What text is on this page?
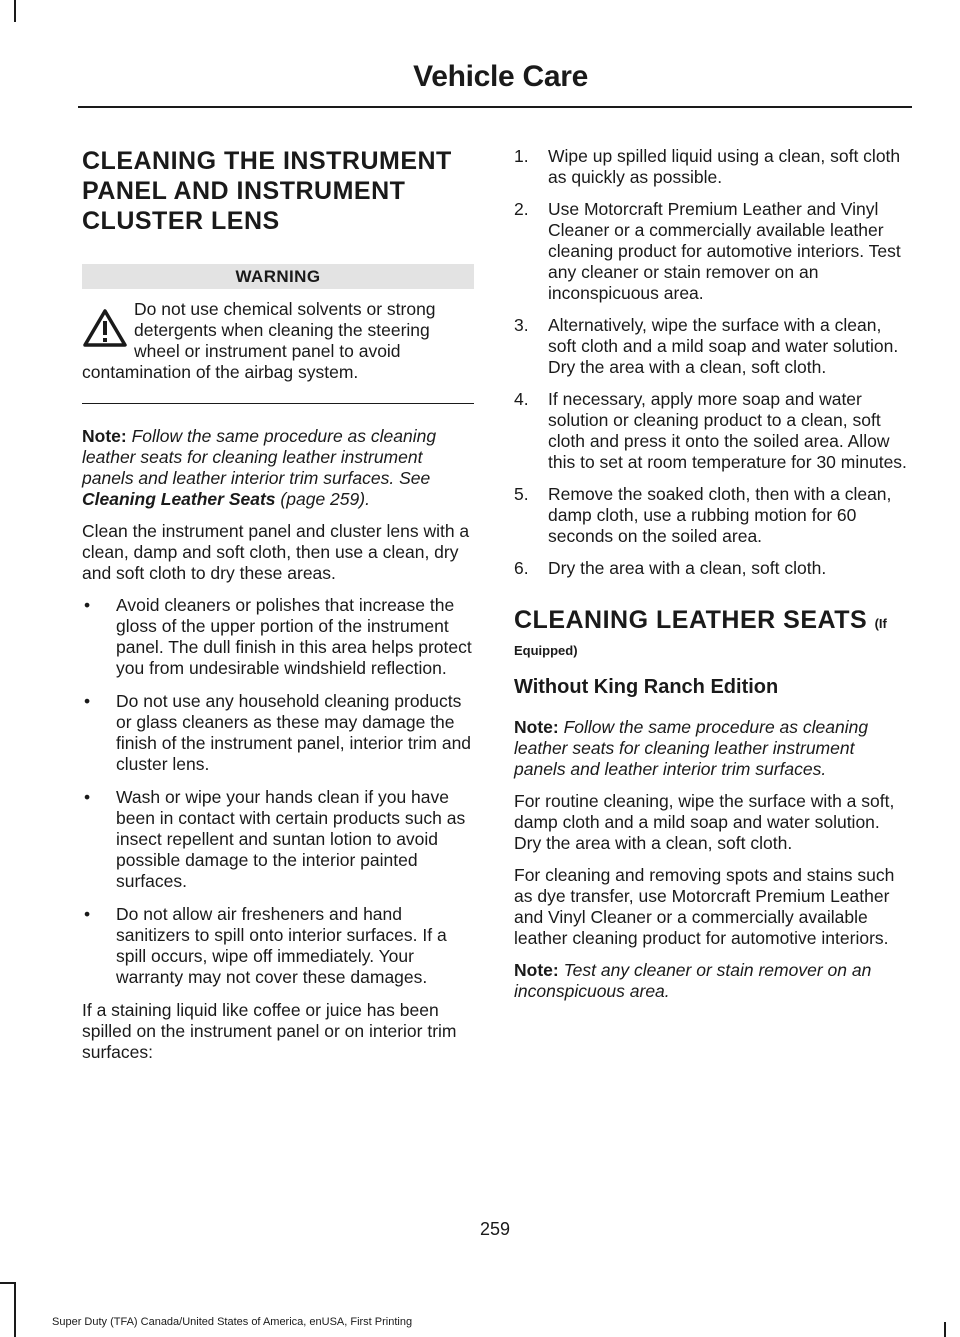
Vehicle Care
CLEANING THE INSTRUMENT
PANEL AND INSTRUMENT
CLUSTER LENS
WARNING
Do not use chemical solvents or strong detergents when cleaning the steering wheel or instrument panel to avoid contamination of the airbag system.

Note: Follow the same procedure as cleaning leather seats for cleaning leather instrument panels and leather interior trim surfaces. See Cleaning Leather Seats (page 259).

Clean the instrument panel and cluster lens with a clean, damp and soft cloth, then use a clean, dry and soft cloth to dry these areas.

• Avoid cleaners or polishes that increase the gloss of the upper portion of the instrument panel. The dull finish in this area helps protect you from undesirable windshield reflection.
• Do not use any household cleaning products or glass cleaners as these may damage the finish of the instrument panel, interior trim and cluster lens.
• Wash or wipe your hands clean if you have been in contact with certain products such as insect repellent and suntan lotion to avoid possible damage to the interior painted surfaces.
• Do not allow air fresheners and hand sanitizers to spill onto interior surfaces. If a spill occurs, wipe off immediately. Your warranty may not cover these damages.

If a staining liquid like coffee or juice has been spilled on the instrument panel or on interior trim surfaces:

1. Wipe up spilled liquid using a clean, soft cloth as quickly as possible.
2. Use Motorcraft Premium Leather and Vinyl Cleaner or a commercially available leather cleaning product for automotive interiors. Test any cleaner or stain remover on an inconspicuous area.
3. Alternatively, wipe the surface with a clean, soft cloth and a mild soap and water solution. Dry the area with a clean, soft cloth.
4. If necessary, apply more soap and water solution or cleaning product to a clean, soft cloth and press it onto the soiled area. Allow this to set at room temperature for 30 minutes.
5. Remove the soaked cloth, then with a clean, damp cloth, use a rubbing motion for 60 seconds on the soiled area.
6. Dry the area with a clean, soft cloth.
CLEANING LEATHER SEATS (If
Equipped)
Without King Ranch Edition

Note: Follow the same procedure as cleaning leather seats for cleaning leather instrument panels and leather interior trim surfaces.

For routine cleaning, wipe the surface with a soft, damp cloth and a mild soap and water solution. Dry the area with a clean, soft cloth.

For cleaning and removing spots and stains such as dye transfer, use Motorcraft Premium Leather and Vinyl Cleaner or a commercially available leather cleaning product for automotive interiors.

Note: Test any cleaner or stain remover on an inconspicuous area.

259
Super Duty (TFA) Canada/United States of America, enUSA, First Printing
